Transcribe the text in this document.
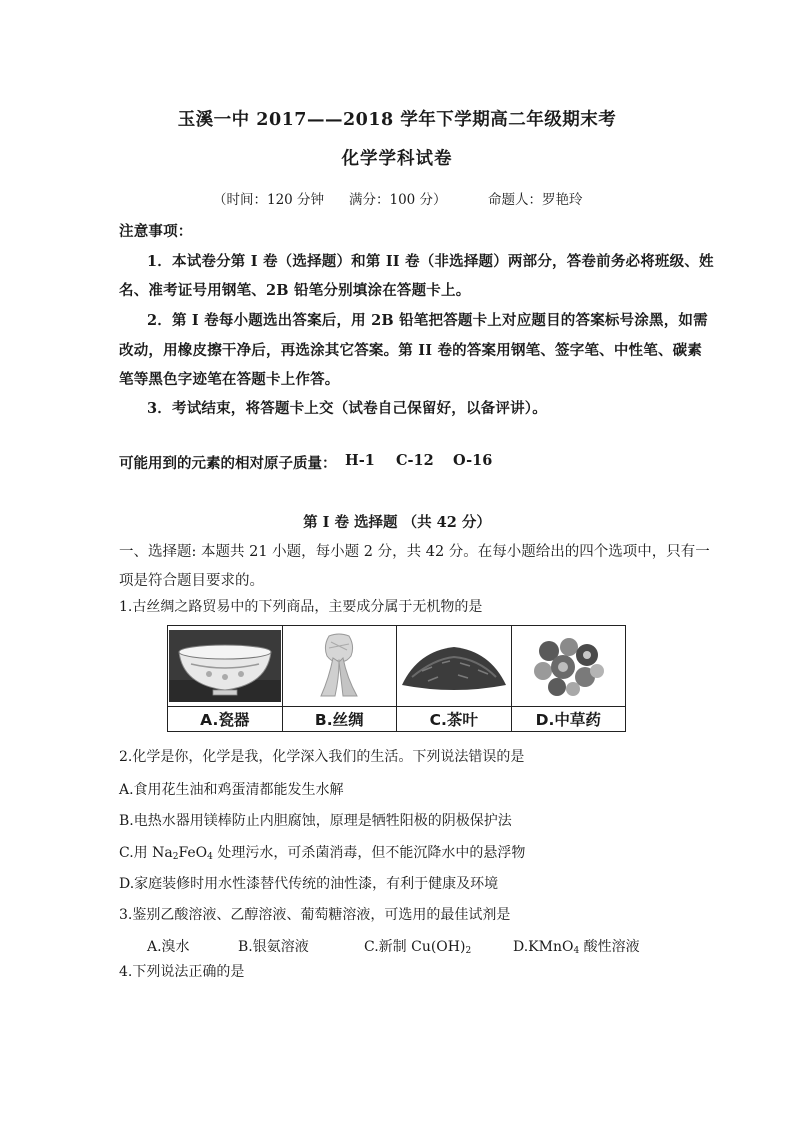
玉溪一中 2017——2018 学年下学期高二年级期末考
化学学科试卷
（时间：120 分钟 满分：100 分）	命题人：罗艳玲
注意事项：
1．本试卷分第 I 卷（选择题）和第 II 卷（非选择题）两部分，答卷前务必将班级、姓
名、准考证号用钢笔、2B 铅笔分别填涂在答题卡上。
2．第 I 卷每小题选出答案后，用 2B 铅笔把答题卡上对应题目的答案标号涂黑，如需
改动，用橡皮擦干净后，再选涂其它答案。第 II 卷的答案用钢笔、签字笔、中性笔、碳素
笔等黑色字迹笔在答题卡上作答。
3．考试结束，将答题卡上交（试卷自己保留好，以备评讲）。
可能用到的元素的相对原子质量： H-1 C-12 O-16
第 I 卷 选择题 （共 42 分）
一、选择题: 本题共 21 小题，每小题 2 分，共 42 分。在每小题给出的四个选项中，只有一
项是符合题目要求的。
1.古丝绸之路贸易中的下列商品，主要成分属于无机物的是

A.瓷器	B.丝绸	C.茶叶	D.中草药
2.化学是你，化学是我，化学深入我们的生活。下列说法错误的是
A.食用花生油和鸡蛋清都能发生水解
B.电热水器用镁棒防止内胆腐蚀，原理是牺牲阳极的阴极保护法
C.用 $Na_2FeO_4$ 处理污水，可杀菌消毒，但不能沉降水中的悬浮物
D.家庭装修时用水性漆替代传统的油性漆，有利于健康及环境
3.鉴别乙酸溶液、乙醇溶液、葡萄糖溶液，可选用的最佳试剂是
A.溴水	B.银氨溶液	C.新制 $Cu(OH)_2$	D.KMnO$_4$ 酸性溶液
4.下列说法正确的是
